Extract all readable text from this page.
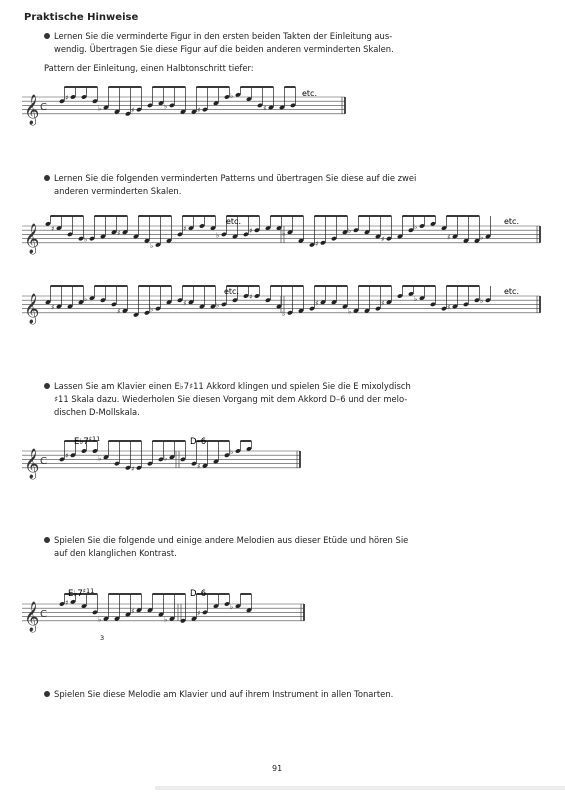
Praktische Hinweise
Lernen Sie die verminderte Figur in den ersten beiden Takten der Einleitung aus-
wendig. Übertragen Sie diese Figur auf die beiden anderen verminderten Skalen.
Pattern der Einleitung, einen Halbtonschritt tiefer:
Lernen Sie die folgenden verminderten Patterns und übertragen Sie diese auf die zwei
anderen verminderten Skalen.
Lassen Sie am Klavier einen E♭7♯11 Akkord klingen und spielen Sie die E mixolydisch
♯11 Skala dazu. Wiederholen Sie diesen Vorgang mit dem Akkord D–6 und der melo-
dischen D-Mollskala.
Spielen Sie die folgende und einige andere Melodien aus dieser Etüde und hören Sie
auf den klanglichen Kontrast.
Spielen Sie diese Melodie am Klavier und auf ihrem Instrument in allen Tonarten.
𝄞 C
𝄞
𝄞
𝄞 C
𝄞 C
♯
♭	♯
♭
♯
♭
♯
♯
♭
♯
♭
♯
♭
♯	♭
♯
♭
♯
♭
♯	♭
♯
♭
♯	♭
♯	♭
♯
♭
♯
♭
♯
♭
♯
♭
♯	♭
♯
♭
♯
♭
♯
♭
♯
♭
♯
♭
etc.
etc.	etc.
etc.	etc.
$E♭7^{♯11}$	D–6
$E♭7^{♯11}$	D–6
3
91
